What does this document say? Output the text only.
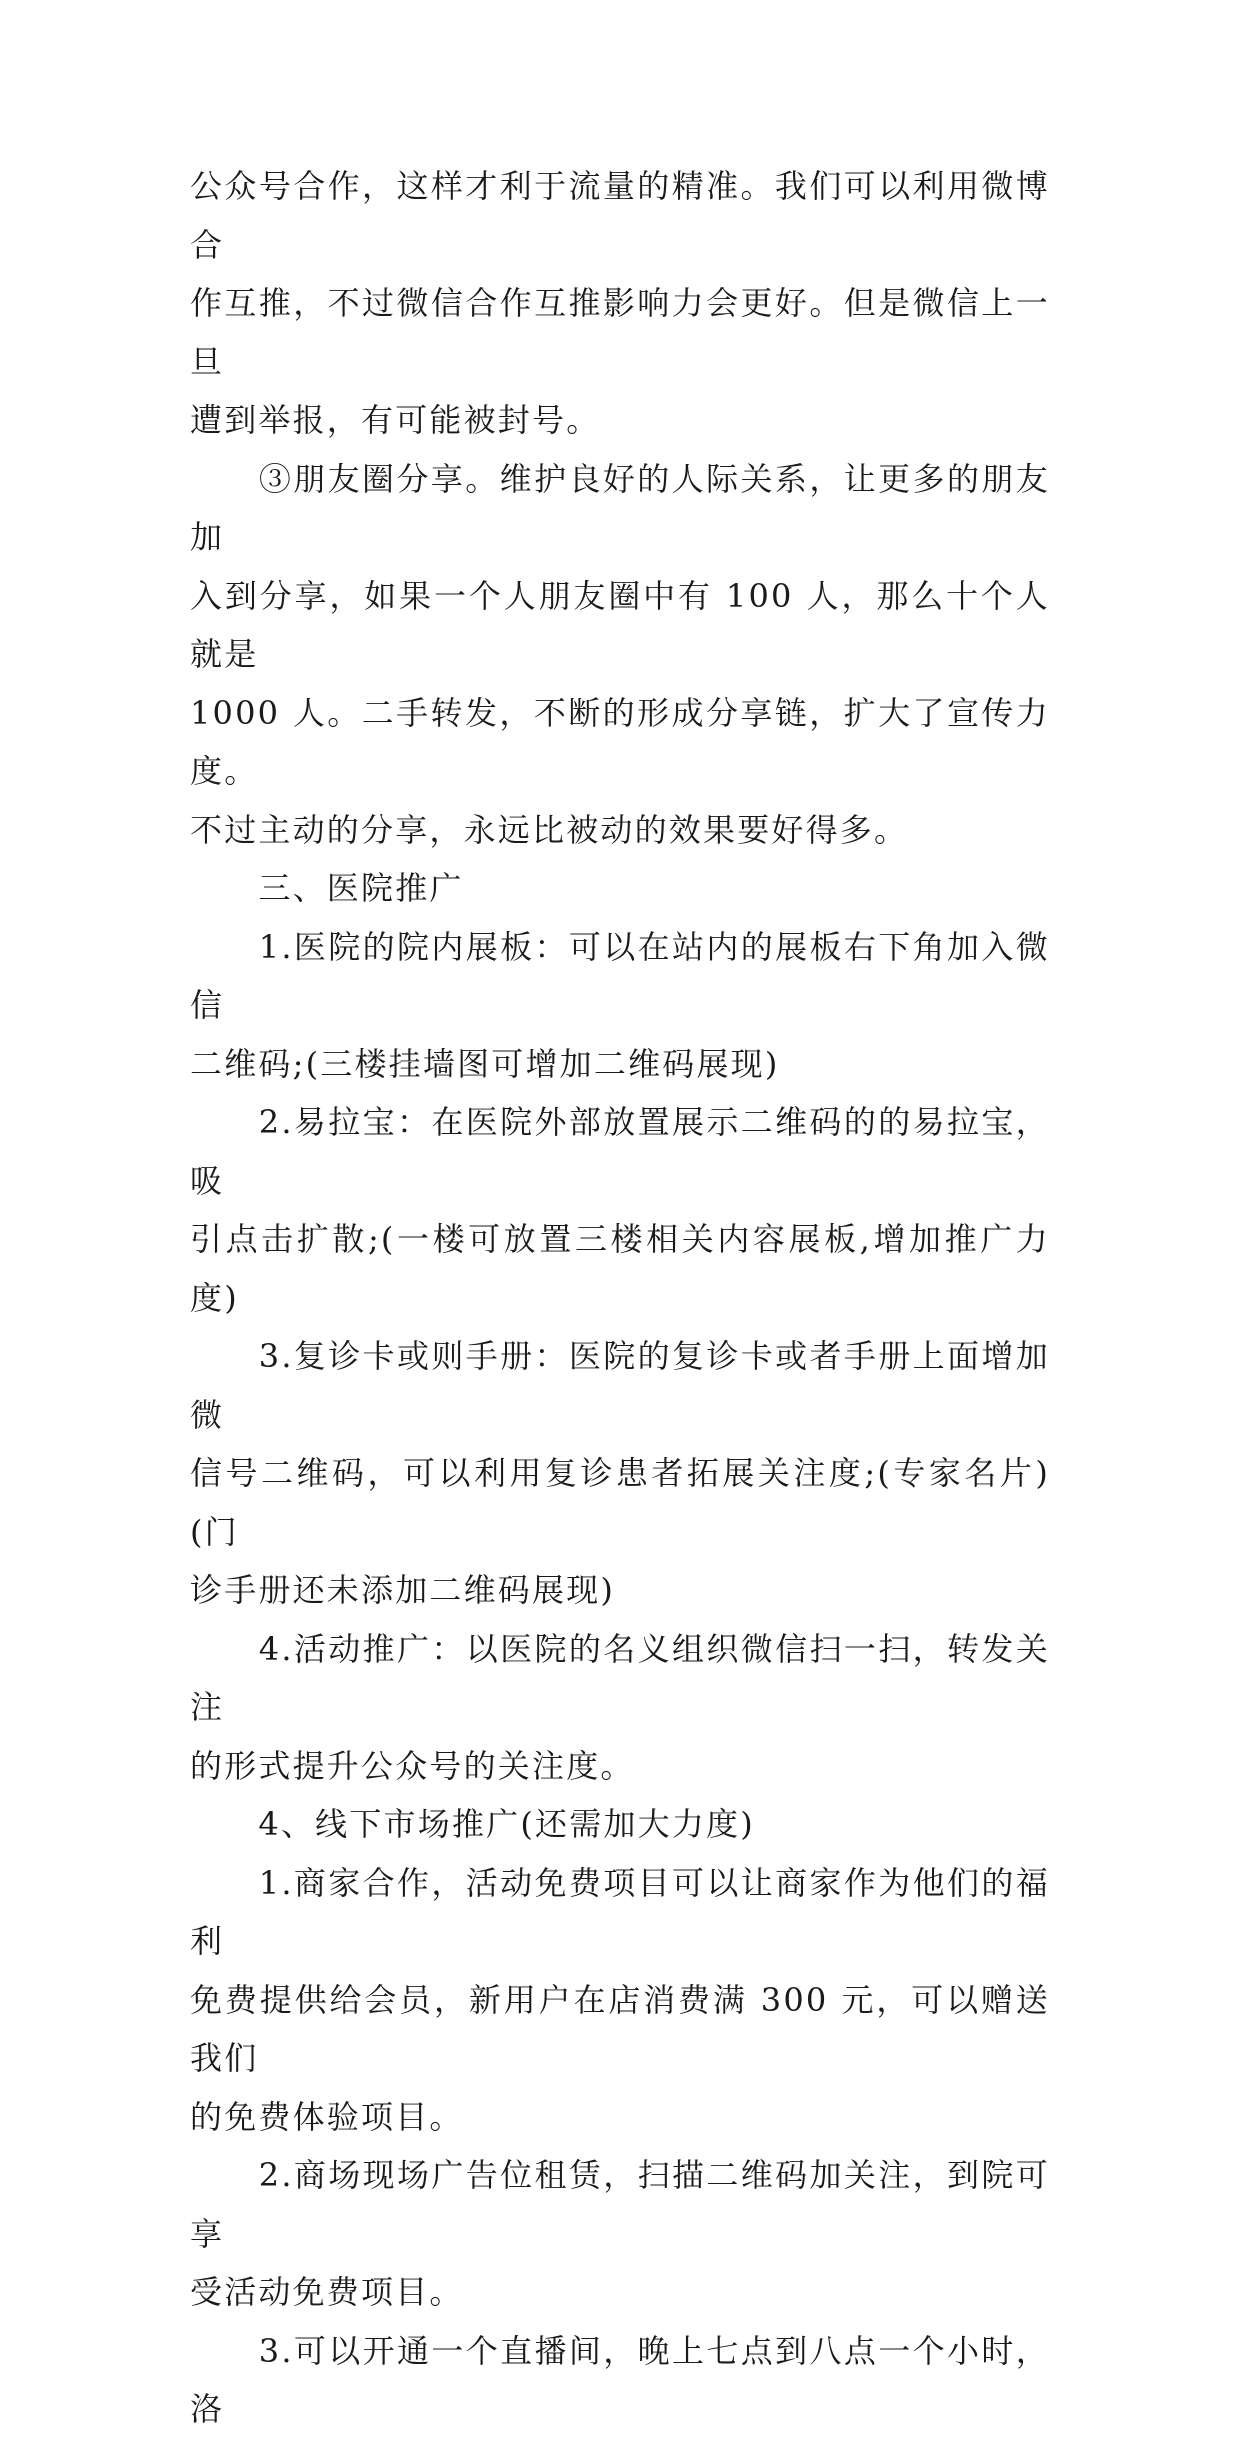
公众号合作，这样才利于流量的精准。我们可以利用微博合

作互推，不过微信合作互推影响力会更好。但是微信上一旦

遭到举报，有可能被封号。

　　③朋友圈分享。维护良好的人际关系，让更多的朋友加

入到分享，如果一个人朋友圈中有 100 人，那么十个人就是

1000 人。二手转发，不断的形成分享链，扩大了宣传力度。

不过主动的分享，永远比被动的效果要好得多。

　　三、医院推广

　　1.医院的院内展板：可以在站内的展板右下角加入微信

二维码;(三楼挂墙图可增加二维码展现)

　　2.易拉宝：在医院外部放置展示二维码的的易拉宝，吸

引点击扩散;(一楼可放置三楼相关内容展板,增加推广力度)

　　3.复诊卡或则手册：医院的复诊卡或者手册上面增加微

信号二维码，可以利用复诊患者拓展关注度;(专家名片)(门

诊手册还未添加二维码展现)

　　4.活动推广：以医院的名义组织微信扫一扫，转发关注

的形式提升公众号的关注度。

　　4、线下市场推广(还需加大力度)

　　1.商家合作，活动免费项目可以让商家作为他们的福利

免费提供给会员，新用户在店消费满 300 元，可以赠送我们

的免费体验项目。

　　2.商场现场广告位租赁，扫描二维码加关注，到院可享

受活动免费项目。

　　3.可以开通一个直播间，晚上七点到八点一个小时，洛
